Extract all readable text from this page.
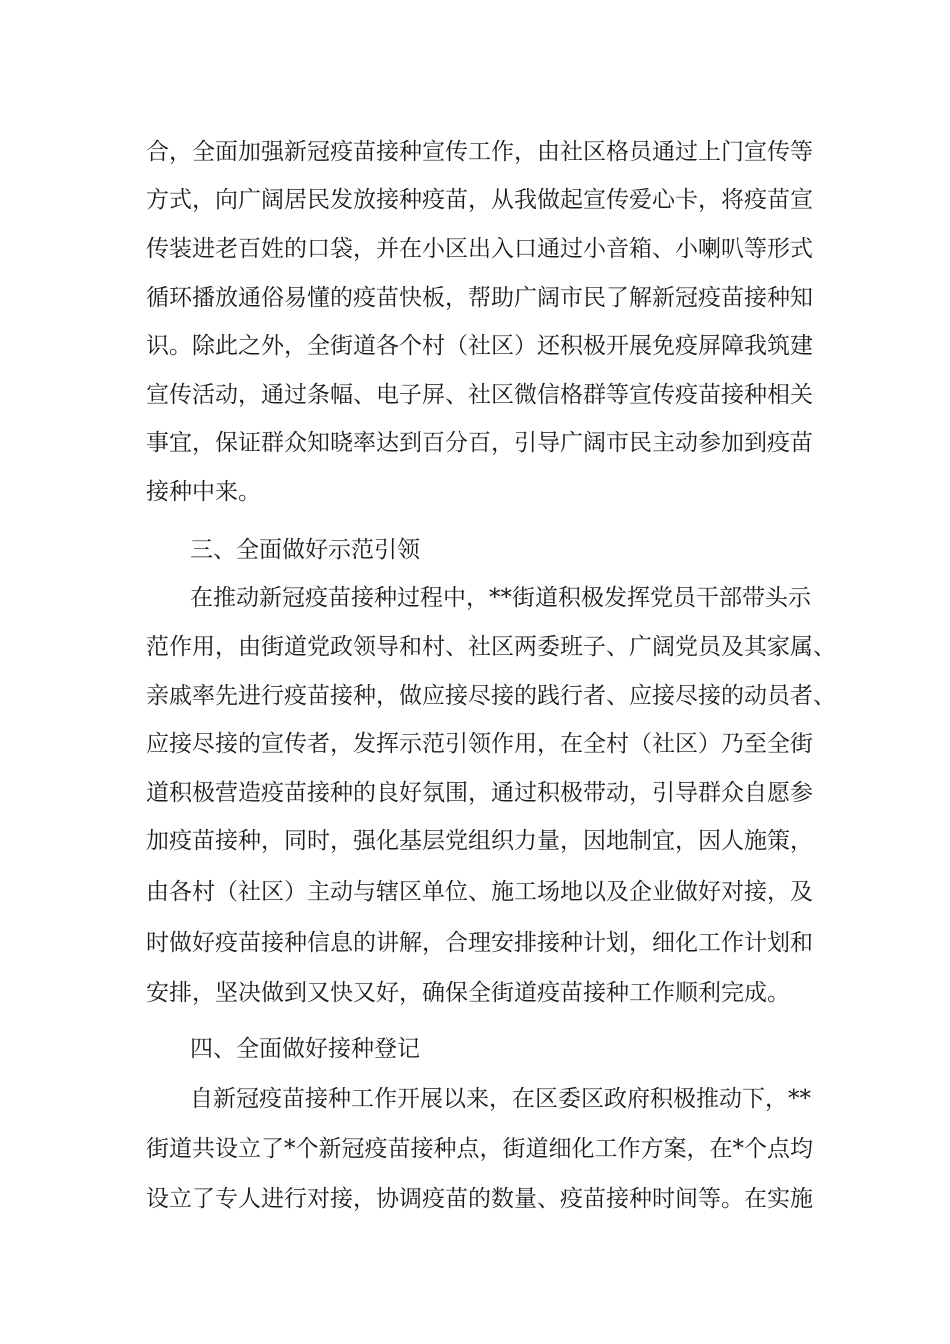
合，全面加强新冠疫苗接种宣传工作，由社区格员通过上门宣传等
方式，向广阔居民发放接种疫苗，从我做起宣传爱心卡，将疫苗宣
传装进老百姓的口袋，并在小区出入口通过小音箱、小喇叭等形式
循环播放通俗易懂的疫苗快板，帮助广阔市民了解新冠疫苗接种知
识。除此之外，全街道各个村（社区）还积极开展免疫屏障我筑建
宣传活动，通过条幅、电子屏、社区微信格群等宣传疫苗接种相关
事宜，保证群众知晓率达到百分百，引导广阔市民主动参加到疫苗
接种中来。
三、全面做好示范引领
在推动新冠疫苗接种过程中，**街道积极发挥党员干部带头示
范作用，由街道党政领导和村、社区两委班子、广阔党员及其家属、
亲戚率先进行疫苗接种，做应接尽接的践行者、应接尽接的动员者、
应接尽接的宣传者，发挥示范引领作用，在全村（社区）乃至全街
道积极营造疫苗接种的良好氛围，通过积极带动，引导群众自愿参
加疫苗接种，同时，强化基层党组织力量，因地制宜，因人施策，
由各村（社区）主动与辖区单位、施工场地以及企业做好对接，及
时做好疫苗接种信息的讲解，合理安排接种计划，细化工作计划和
安排，坚决做到又快又好，确保全街道疫苗接种工作顺利完成。
四、全面做好接种登记
自新冠疫苗接种工作开展以来，在区委区政府积极推动下，**
街道共设立了*个新冠疫苗接种点，街道细化工作方案，在*个点均
设立了专人进行对接，协调疫苗的数量、疫苗接种时间等。在实施
